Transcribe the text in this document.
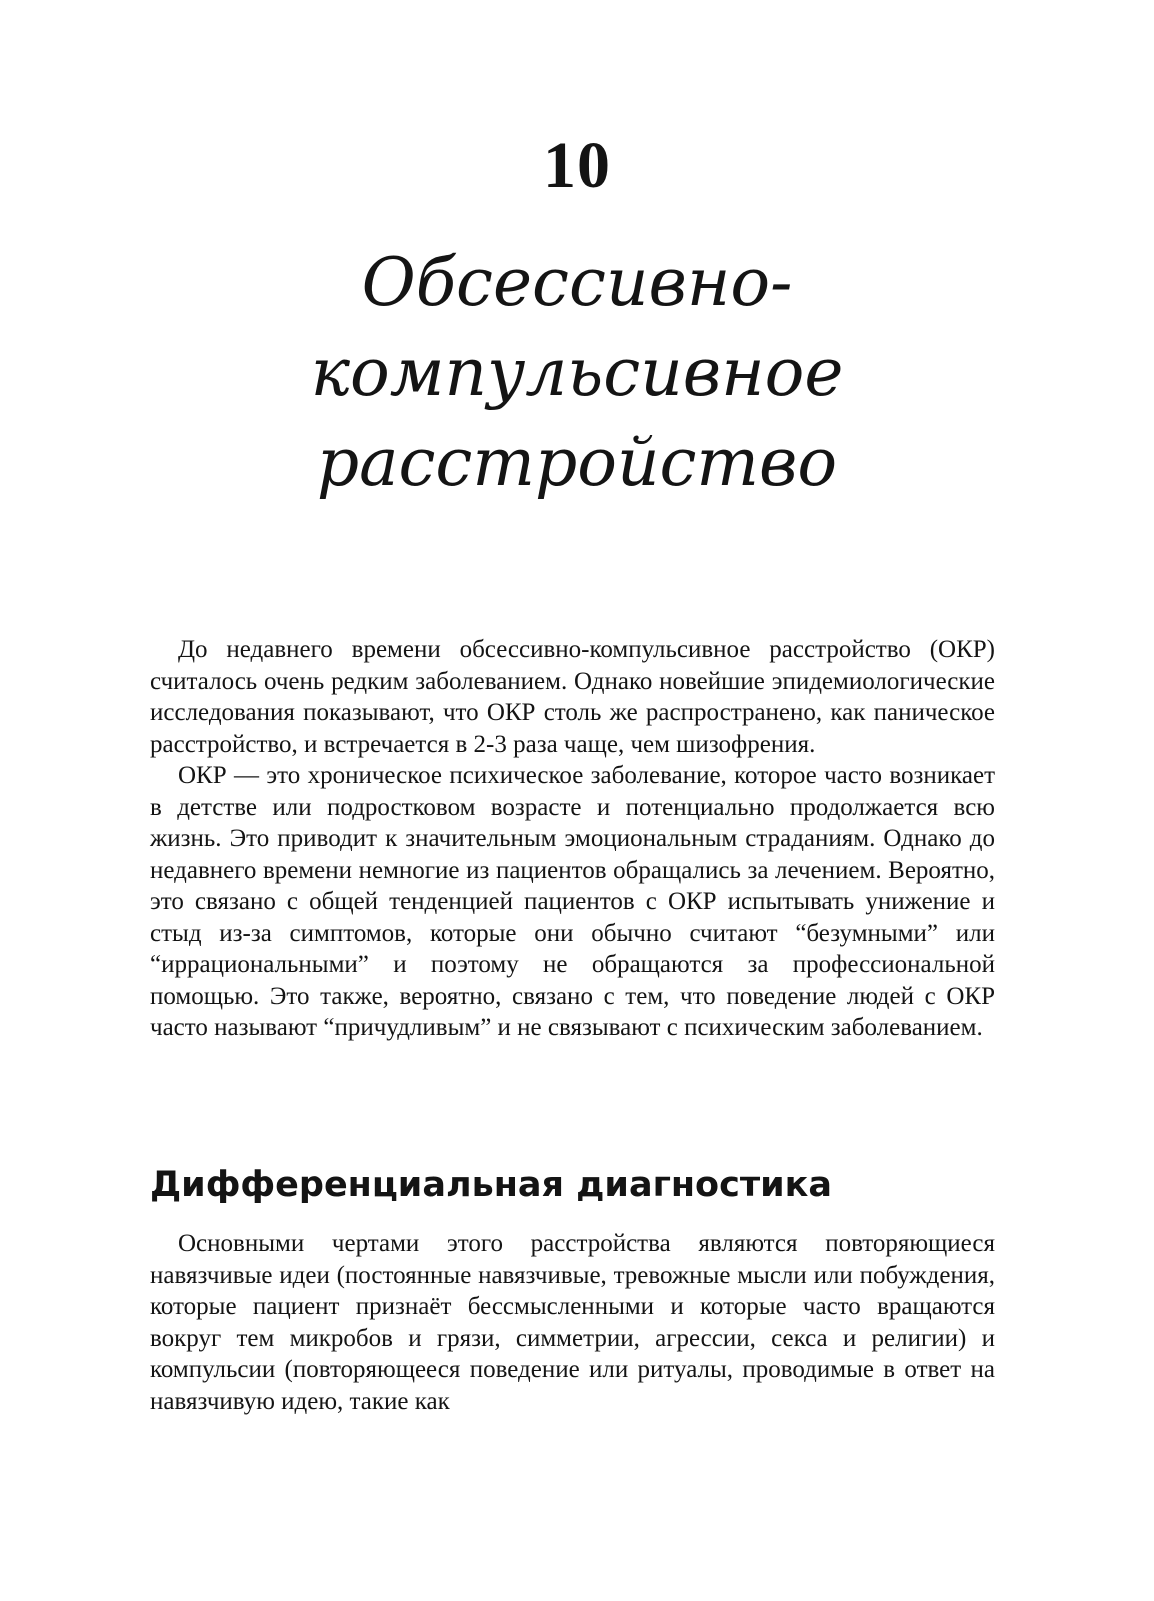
10
Обсессивно-
компульсивное
расстройство

До недавнего времени обсессивно-компульсивное расстройство (ОКР) считалось очень редким заболеванием. Однако новейшие эпидемиологические исследования показывают, что ОКР столь же распространено, как паническое расстройство, и встречается в 2-3 раза чаще, чем шизофрения.

ОКР — это хроническое психическое заболевание, которое часто возникает в детстве или подростковом возрасте и потенциально продолжается всю жизнь. Это приводит к значительным эмоциональным страданиям. Однако до недавнего времени немногие из пациентов обращались за лечением. Вероятно, это связано с общей тенденцией пациентов с ОКР испытывать унижение и стыд из-за симптомов, которые они обычно считают “безумными” или “иррациональными” и поэтому не обращаются за профессиональной помощью. Это также, вероятно, связано с тем, что поведение людей с ОКР часто называют “причудливым” и не связывают с психическим заболеванием.

Дифференциальная диагностика

Основными чертами этого расстройства являются повторяющиеся навязчивые идеи (постоянные навязчивые, тревожные мысли или побуждения, которые пациент признаёт бессмысленными и которые часто вращаются вокруг тем микробов и грязи, симметрии, агрессии, секса и религии) и компульсии (повторяющееся поведение или ритуалы, проводимые в ответ на навязчивую идею, такие как
